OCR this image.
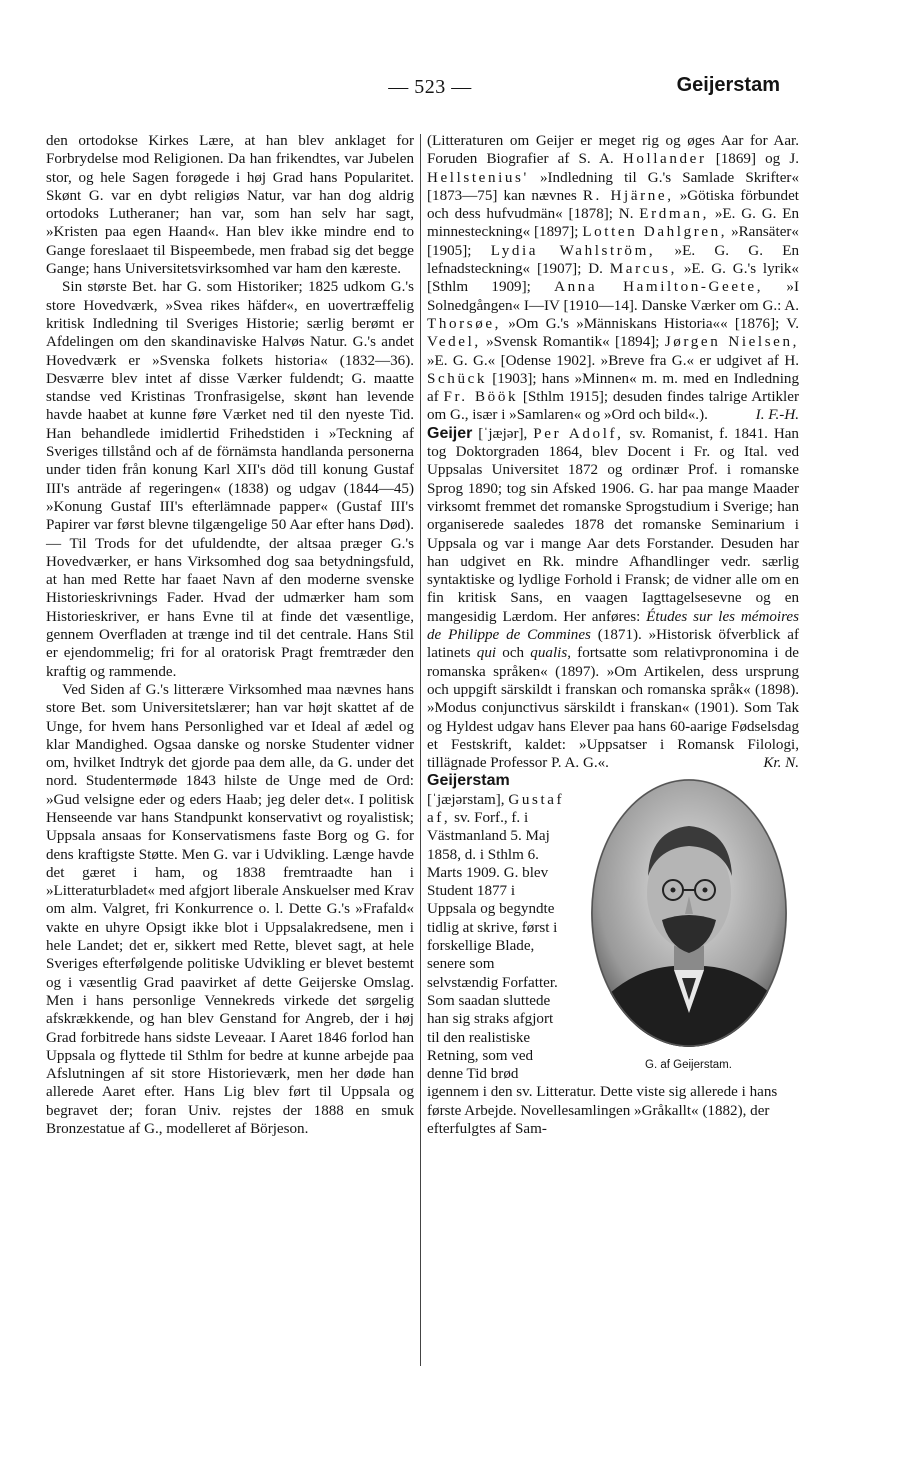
— 523 —	Geijerstam

den ortodokse Kirkes Lære, at han blev anklaget for Forbrydelse mod Religionen. Da han frikendtes, var Jubelen stor, og hele Sagen forøgede i høj Grad hans Popularitet. Skønt G. var en dybt religiøs Natur, var han dog aldrig ortodoks Lutheraner; han var, som han selv har sagt, »Kristen paa egen Haand«. Han blev ikke mindre end to Gange foreslaaet til Bispeembede, men frabad sig det begge Gange; hans Universitetsvirksomhed var ham den kæreste.

Sin største Bet. har G. som Historiker; 1825 udkom G.'s store Hovedværk, »Svea rikes häfder«, en uovertræffelig kritisk Indledning til Sveriges Historie; særlig berømt er Afdelingen om den skandinaviske Halvøs Natur. G.'s andet Hovedværk er »Svenska folkets historia« (1832—36). Desværre blev intet af disse Værker fuldendt; G. maatte standse ved Kristinas Tronfrasigelse, skønt han levende havde haabet at kunne føre Værket ned til den nyeste Tid. Han behandlede imidlertid Frihedstiden i »Teckning af Sveriges tillstånd och af de förnämsta handlanda personerna under tiden från konung Karl XII's död till konung Gustaf III's anträde af regeringen« (1838) og udgav (1844—45) »Konung Gustaf III's efterlämnade papper« (Gustaf III's Papirer var først blevne tilgængelige 50 Aar efter hans Død). — Til Trods for det ufuldendte, der altsaa præger G.'s Hovedværker, er hans Virksomhed dog saa betydningsfuld, at han med Rette har faaet Navn af den moderne svenske Historieskrivnings Fader. Hvad der udmærker ham som Historieskriver, er hans Evne til at finde det væsentlige, gennem Overfladen at trænge ind til det centrale. Hans Stil er ejendommelig; fri for al oratorisk Pragt fremtræder den kraftig og rammende.

Ved Siden af G.'s litterære Virksomhed maa nævnes hans store Bet. som Universitetslærer; han var højt skattet af de Unge, for hvem hans Personlighed var et Ideal af ædel og klar Mandighed. Ogsaa danske og norske Studenter vidner om, hvilket Indtryk det gjorde paa dem alle, da G. under det nord. Studentermøde 1843 hilste de Unge med de Ord: »Gud velsigne eder og eders Haab; jeg deler det«. I politisk Henseende var hans Standpunkt konservativt og royalistisk; Uppsala ansaas for Konservatismens faste Borg og G. for dens kraftigste Støtte. Men G. var i Udvikling. Længe havde det gæret i ham, og 1838 fremtraadte han i »Litteraturbladet« med afgjort liberale Anskuelser med Krav om alm. Valgret, fri Konkurrence o. l. Dette G.'s »Frafald« vakte en uhyre Opsigt ikke blot i Uppsalakredsene, men i hele Landet; det er, sikkert med Rette, blevet sagt, at hele Sveriges efterfølgende politiske Udvikling er blevet bestemt og i væsentlig Grad paavirket af dette Geijerske Omslag. Men i hans personlige Vennekreds virkede det sørgelig afskrækkende, og han blev Genstand for Angreb, der i høj Grad forbitrede hans sidste Leveaar. I Aaret 1846 forlod han Uppsala og flyttede til Sthlm for bedre at kunne arbejde paa Afslutningen af sit store Historieværk, men her døde han allerede Aaret efter. Hans Lig blev ført til Uppsala og begravet der; foran Univ. rejstes der 1888 en smuk Bronzestatue af G., modelleret af Börjeson.

(Litteraturen om Geijer er meget rig og øges Aar for Aar. Foruden Biografier af S. A. Hollander [1869] og J. Hellstenius' »Indledning til G.'s Samlade Skrifter« [1873—75] kan nævnes R. Hjärne, »Götiska förbundet och dess hufvudmän« [1878]; N. Erdman, »E. G. G. En minnesteckning« [1897]; Lotten Dahlgren, »Ransäter« [1905]; Lydia Wahlström, »E. G. G. En lefnadsteckning« [1907]; D. Marcus, »E. G. G.'s lyrik« [Sthlm 1909]; Anna Hamilton-Geete, »I Solnedgången« I—IV [1910—14]. Danske Værker om G.: A. Thorsøe, »Om G.'s »Människans Historia«« [1876]; V. Vedel, »Svensk Romantik« [1894]; Jørgen Nielsen, »E. G. G.« [Odense 1902]. »Breve fra G.« er udgivet af H. Schück [1903]; hans »Minnen« m. m. med en Indledning af Fr. Böök [Sthlm 1915]; desuden findes talrige Artikler om G., især i »Samlaren« og »Ord och bild«.).	I. F.-H.

Geijer [ˈjæjər], Per Adolf, sv. Romanist, f. 1841. Han tog Doktorgraden 1864, blev Docent i Fr. og Ital. ved Uppsalas Universitet 1872 og ordinær Prof. i romanske Sprog 1890; tog sin Afsked 1906. G. har paa mange Maader virksomt fremmet det romanske Sprogstudium i Sverige; han organiserede saaledes 1878 det romanske Seminarium i Uppsala og var i mange Aar dets Forstander. Desuden har han udgivet en Rk. mindre Afhandlinger vedr. særlig syntaktiske og lydlige Forhold i Fransk; de vidner alle om en fin kritisk Sans, en vaagen Iagttagelsesevne og en mangesidig Lærdom. Her anføres: Études sur les mémoires de Philippe de Commines (1871). »Historisk öfverblick af latinets qui och qualis, fortsatte som relativpronomina i de romanska språken« (1897). »Om Artikelen, dess ursprung och uppgift särskildt i franskan och romanska språk« (1898). »Modus conjunctivus särskildt i franskan« (1901). Som Tak og Hyldest udgav hans Elever paa hans 60-aarige Fødselsdag et Festskrift, kaldet: »Uppsatser i Romansk Filologi, tillägnade Professor P. A. G.«.	Kr. N.

G. af Geijerstam.
Geijerstam [ˈjæjərstam], Gustaf af, sv. Forf., f. i Västmanland 5. Maj 1858, d. i Sthlm 6. Marts 1909. G. blev Student 1877 i Uppsala og begyndte tidlig at skrive, først i forskellige Blade, senere som selvstændig Forfatter. Som saadan sluttede han sig straks afgjort til den realistiske Retning, som ved denne Tid brød igennem i den sv. Litteratur. Dette viste sig allerede i hans første Arbejde. Novellesamlingen »Gråkallt« (1882), der efterfulgtes af Sam-
